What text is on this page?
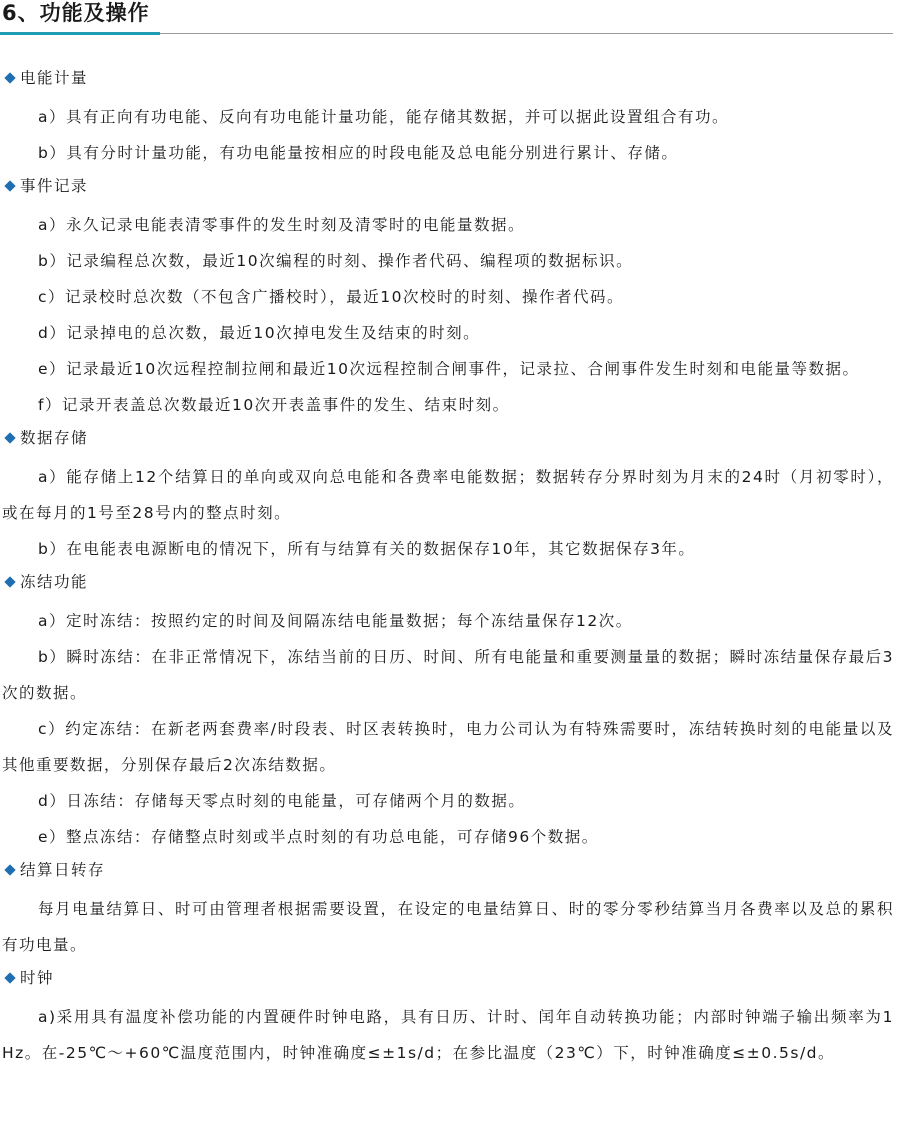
6、功能及操作
电能计量

a）具有正向有功电能、反向有功电能计量功能，能存储其数据，并可以据此设置组合有功。

b）具有分时计量功能，有功电能量按相应的时段电能及总电能分别进行累计、存储。

事件记录

a）永久记录电能表清零事件的发生时刻及清零时的电能量数据。

b）记录编程总次数，最近10次编程的时刻、操作者代码、编程项的数据标识。

c）记录校时总次数（不包含广播校时），最近10次校时的时刻、操作者代码。

d）记录掉电的总次数，最近10次掉电发生及结束的时刻。

e）记录最近10次远程控制拉闸和最近10次远程控制合闸事件，记录拉、合闸事件发生时刻和电能量等数据。

f）记录开表盖总次数最近10次开表盖事件的发生、结束时刻。

数据存储

a）能存储上12个结算日的单向或双向总电能和各费率电能数据；数据转存分界时刻为月末的24时（月初零时），或在每月的1号至28号内的整点时刻。

b）在电能表电源断电的情况下，所有与结算有关的数据保存10年，其它数据保存3年。

冻结功能

a）定时冻结：按照约定的时间及间隔冻结电能量数据；每个冻结量保存12次。

b）瞬时冻结：在非正常情况下，冻结当前的日历、时间、所有电能量和重要测量量的数据；瞬时冻结量保存最后3次的数据。

c）约定冻结：在新老两套费率/时段表、时区表转换时，电力公司认为有特殊需要时，冻结转换时刻的电能量以及其他重要数据，分别保存最后2次冻结数据。

d）日冻结：存储每天零点时刻的电能量，可存储两个月的数据。

e）整点冻结：存储整点时刻或半点时刻的有功总电能，可存储96个数据。

结算日转存

每月电量结算日、时可由管理者根据需要设置，在设定的电量结算日、时的零分零秒结算当月各费率以及总的累积有功电量。

时钟

a)采用具有温度补偿功能的内置硬件时钟电路，具有日历、计时、闰年自动转换功能；内部时钟端子输出频率为1Hz。在-25℃～+60℃温度范围内，时钟准确度≤±1s/d；在参比温度（23℃）下，时钟准确度≤±0.5s/d。
